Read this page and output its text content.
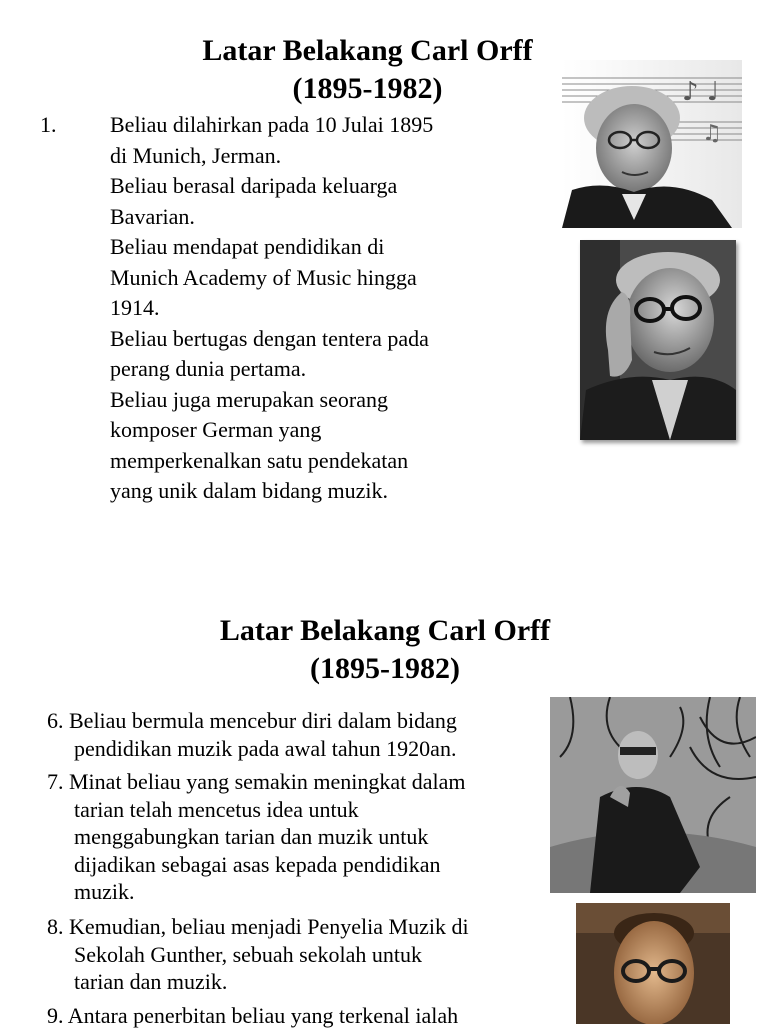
Latar Belakang Carl Orff
(1895-1982)
1. Beliau dilahirkan pada 10 Julai 1895
di Munich, Jerman.
Beliau berasal daripada keluarga
Bavarian.
Beliau mendapat pendidikan di
Munich Academy of Music hingga
1914.
Beliau bertugas dengan tentera pada
perang dunia pertama.
Beliau juga merupakan seorang
komposer German yang
memperkenalkan satu pendekatan
yang unik dalam bidang muzik.
♪ ♩
♫
Latar Belakang Carl Orff
(1895-1982)
6. Beliau bermula mencebur diri dalam bidang
pendidikan muzik pada awal tahun 1920an.
7. Minat beliau yang semakin meningkat dalam
tarian telah mencetus idea untuk
menggabungkan tarian dan muzik untuk
dijadikan sebagai asas kepada pendidikan
muzik.
8. Kemudian, beliau menjadi Penyelia Muzik di
Sekolah Gunther, sebuah sekolah untuk
tarian dan muzik.
9. Antara penerbitan beliau yang terkenal ialah
